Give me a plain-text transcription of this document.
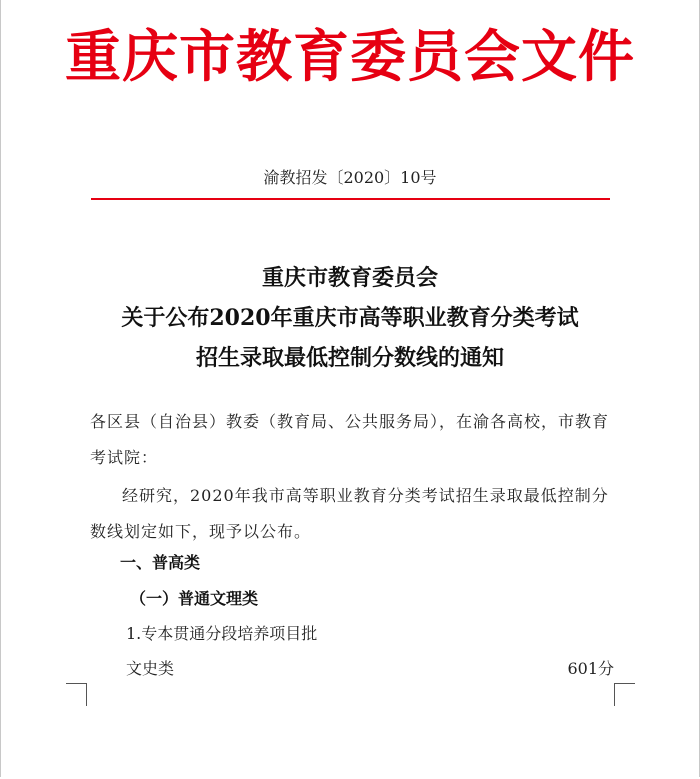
重庆市教育委员会文件
渝教招发〔2020〕10号
重庆市教育委员会
关于公布2020年重庆市高等职业教育分类考试
招生录取最低控制分数线的通知
各区县（自治县）教委（教育局、公共服务局），在渝各高校，市教育考试院：
经研究，2020年我市高等职业教育分类考试招生录取最低控制分数线划定如下，现予以公布。
一、普高类
（一）普通文理类
1.专本贯通分段培养项目批
文史类	601分
